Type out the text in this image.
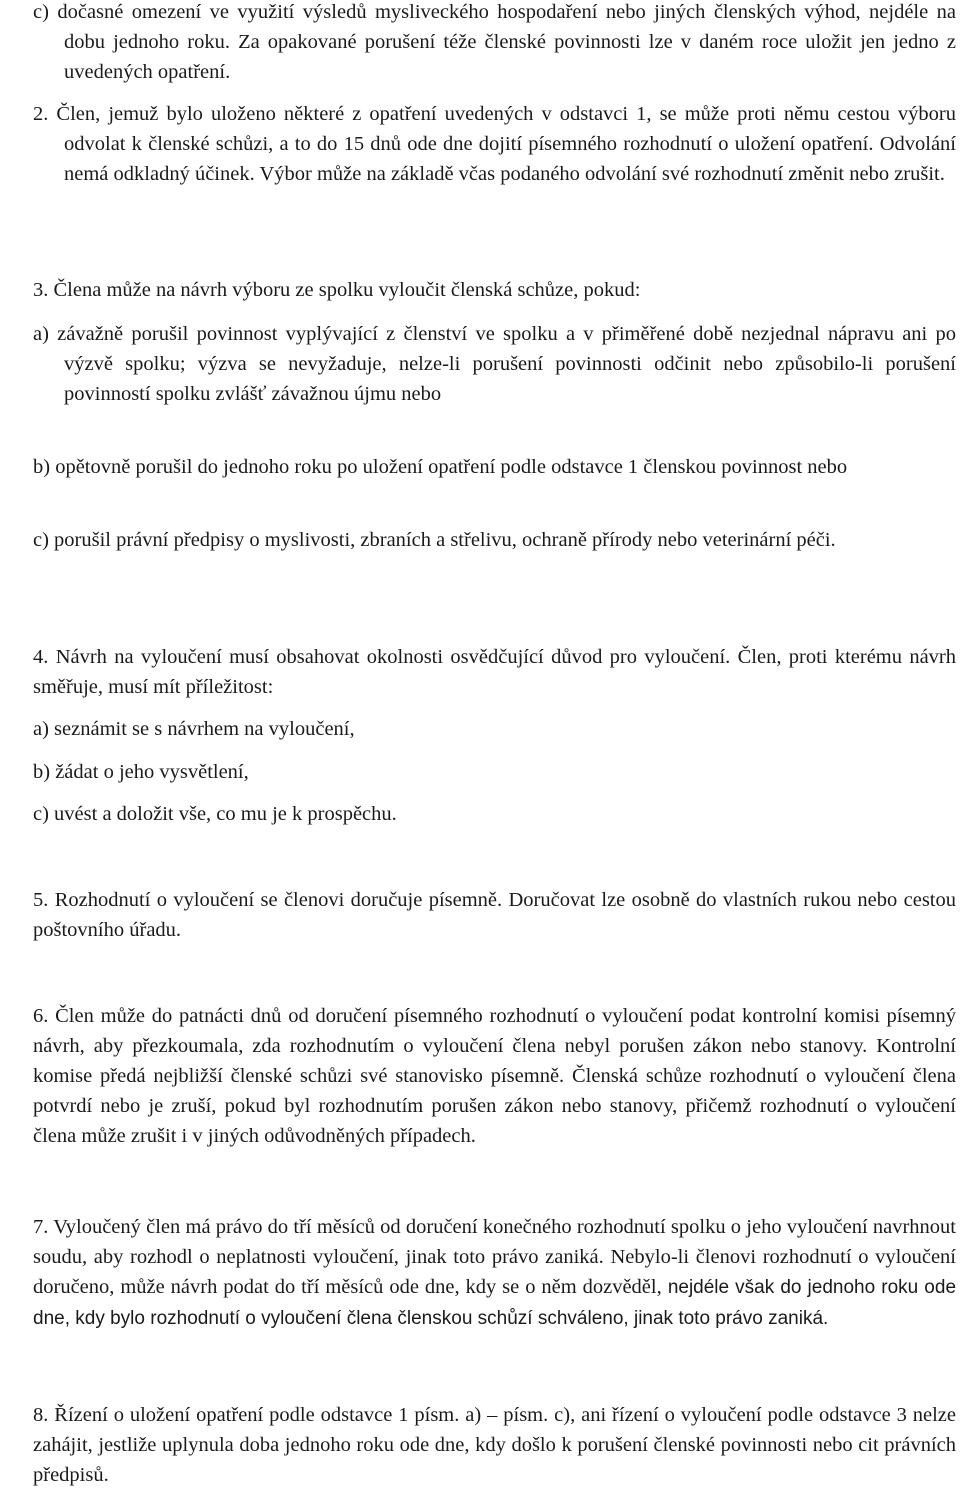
c) dočasné omezení ve využití výsledů mysliveckého hospodaření nebo jiných členských výhod, nejdéle na dobu jednoho roku. Za opakované porušení téže členské povinnosti lze v daném roce uložit jen jedno z uvedených opatření.

2. Člen, jemuž bylo uloženo některé z opatření uvedených v odstavci 1, se může proti němu cestou výboru odvolat k členské schůzi, a to do 15 dnů ode dne dojití písemného rozhodnutí o uložení opatření. Odvolání nemá odkladný účinek. Výbor může na základě včas podaného odvolání své rozhodnutí změnit nebo zrušit.

3. Člena může na návrh výboru ze spolku vyloučit členská schůze, pokud:

a) závažně porušil povinnost vyplývající z členství ve spolku a v přiměřené době nezjednal nápravu ani po výzvě spolku; výzva se nevyžaduje, nelze-li porušení povinnosti odčinit nebo způsobilo-li porušení povinností spolku zvlášť závažnou újmu nebo

b) opětovně porušil do jednoho roku po uložení opatření podle odstavce 1 členskou povinnost nebo

c) porušil právní předpisy o myslivosti, zbraních a střelivu, ochraně přírody nebo veterinární péči.

4. Návrh na vyloučení musí obsahovat okolnosti osvědčující důvod pro vyloučení. Člen, proti kterému návrh směřuje, musí mít příležitost:

a) seznámit se s návrhem na vyloučení,

b) žádat o jeho vysvětlení,

c) uvést a doložit vše, co mu je k prospěchu.

5. Rozhodnutí o vyloučení se členovi doručuje písemně. Doručovat lze osobně do vlastních rukou nebo cestou poštovního úřadu.

6. Člen může do patnácti dnů od doručení písemného rozhodnutí o vyloučení podat kontrolní komisi písemný návrh, aby přezkoumala, zda rozhodnutím o vyloučení člena nebyl porušen zákon nebo stanovy. Kontrolní komise předá nejbližší členské schůzi své stanovisko písemně. Členská schůze rozhodnutí o vyloučení člena potvrdí nebo je zruší, pokud byl rozhodnutím porušen zákon nebo stanovy, přičemž rozhodnutí o vyloučení člena může zrušit i v jiných odůvodněných případech.

7. Vyloučený člen má právo do tří měsíců od doručení konečného rozhodnutí spolku o jeho vyloučení navrhnout soudu, aby rozhodl o neplatnosti vyloučení, jinak toto právo zaniká. Nebylo-li členovi rozhodnutí o vyloučení doručeno, může návrh podat do tří měsíců ode dne, kdy se o něm dozvěděl, nejdéle však do jednoho roku ode dne, kdy bylo rozhodnutí o vyloučení člena členskou schůzí schváleno, jinak toto právo zaniká.

8. Řízení o uložení opatření podle odstavce 1 písm. a) – písm. c), ani řízení o vyloučení podle odstavce 3 nelze zahájit, jestliže uplynula doba jednoho roku ode dne, kdy došlo k porušení členské povinnosti nebo cit právních předpisů.
